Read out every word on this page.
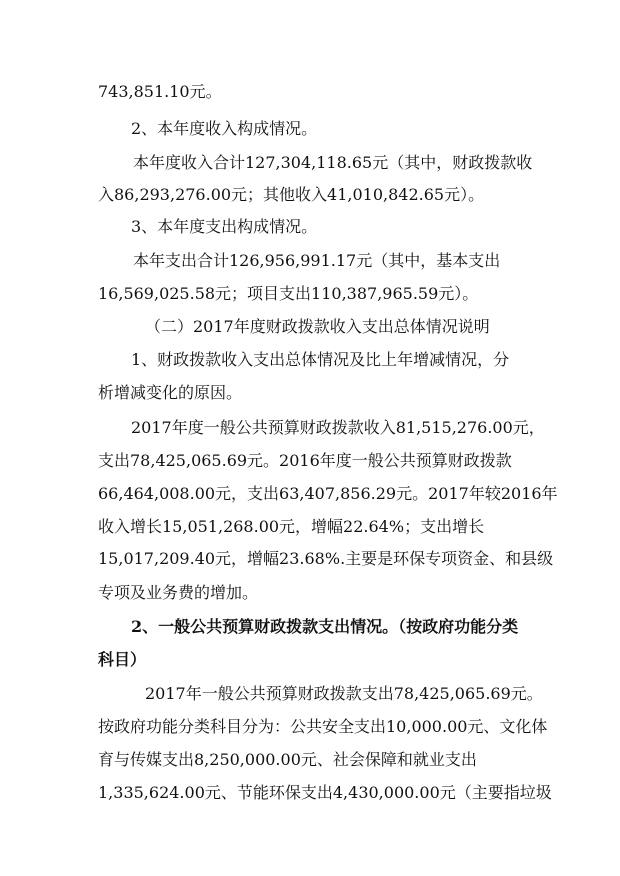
743,851.10元。
2、本年度收入构成情况。
本年度收入合计127,304,118.65元（其中，财政拨款收
入86,293,276.00元；其他收入41,010,842.65元）。
3、本年度支出构成情况。
本年支出合计126,956,991.17元（其中，基本支出
16,569,025.58元；项目支出110,387,965.59元）。
（二）2017年度财政拨款收入支出总体情况说明
1、财政拨款收入支出总体情况及比上年增减情况，分
析增减变化的原因。
2017年度一般公共预算财政拨款收入81,515,276.00元，
支出78,425,065.69元。2016年度一般公共预算财政拨款
66,464,008.00元，支出63,407,856.29元。2017年较2016年
收入增长15,051,268.00元，增幅22.64%；支出增长
15,017,209.40元，增幅23.68%.主要是环保专项资金、和县级
专项及业务费的增加。
2、一般公共预算财政拨款支出情况。（按政府功能分类
科目）
2017年一般公共预算财政拨款支出78,425,065.69元。
按政府功能分类科目分为：公共安全支出10,000.00元、文化体
育与传媒支出8,250,000.00元、社会保障和就业支出
1,335,624.00元、节能环保支出4,430,000.00元（主要指垃圾
